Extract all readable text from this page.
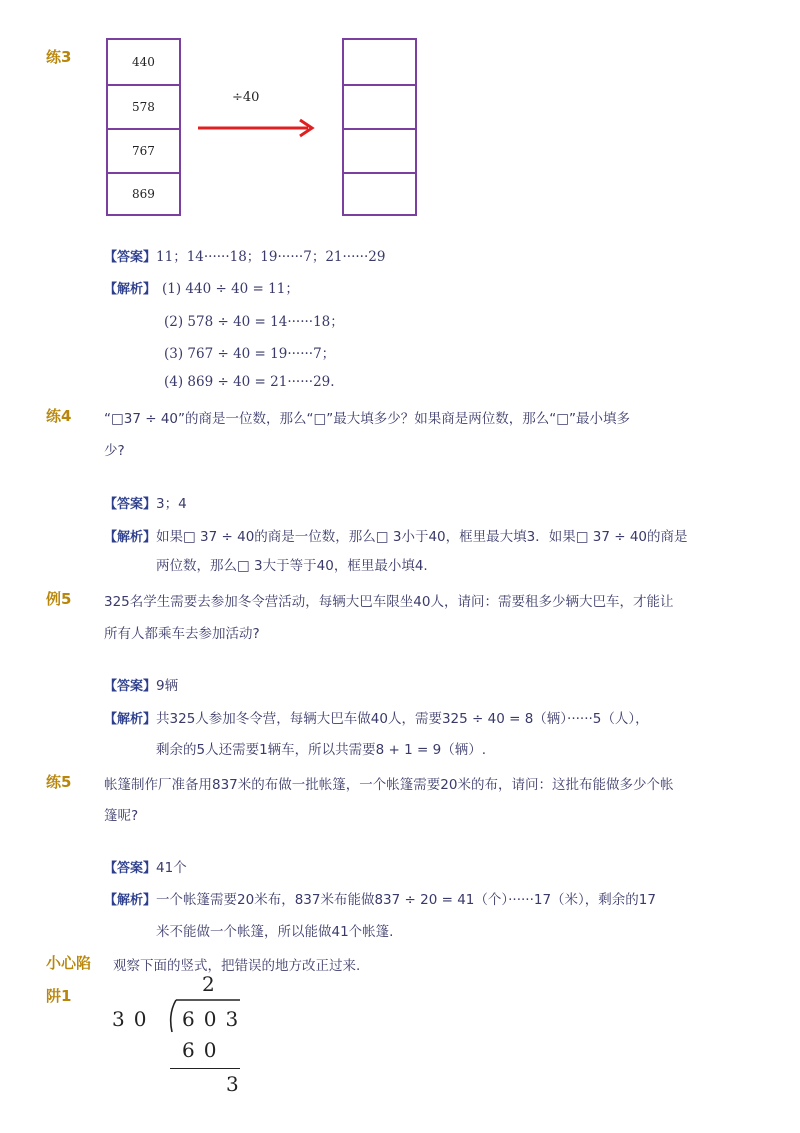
练3	440
578
767
869
÷40
【答案】11；14······18；19······7；21······29
【解析】 (1) 440 ÷ 40 = 11；
(2) 578 ÷ 40 = 14······18；
(3) 767 ÷ 40 = 19······7；
(4) 869 ÷ 40 = 21······29.
练4 “□37 ÷ 40”的商是一位数，那么“□”最大填多少？如果商是两位数，那么“□”最小填多
少?
【答案】3；4
【解析】如果□ 37 ÷ 40的商是一位数，那么□ 3小于40，框里最大填3．如果□ 37 ÷ 40的商是
两位数，那么□ 3大于等于40，框里最小填4.
例5 325名学生需要去参加冬令营活动，每辆大巴车限坐40人，请问：需要租多少辆大巴车，才能让
所有人都乘车去参加活动?
【答案】9辆
【解析】共325人参加冬令营，每辆大巴车做40人，需要325 ÷ 40 = 8（辆）······5（人），
剩余的5人还需要1辆车，所以共需要8 + 1 = 9（辆）.
练5 帐篷制作厂准备用837米的布做一批帐篷，一个帐篷需要20米的布，请问：这批布能做多少个帐
篷呢?
【答案】41个
【解析】一个帐篷需要20米布，837米布能做837 ÷ 20 = 41（个）······17（米），剩余的17
米不能做一个帐篷，所以能做41个帐篷.
小心陷
阱1
观察下面的竖式，把错误的地方改正过来.
2
30 603
60
3
